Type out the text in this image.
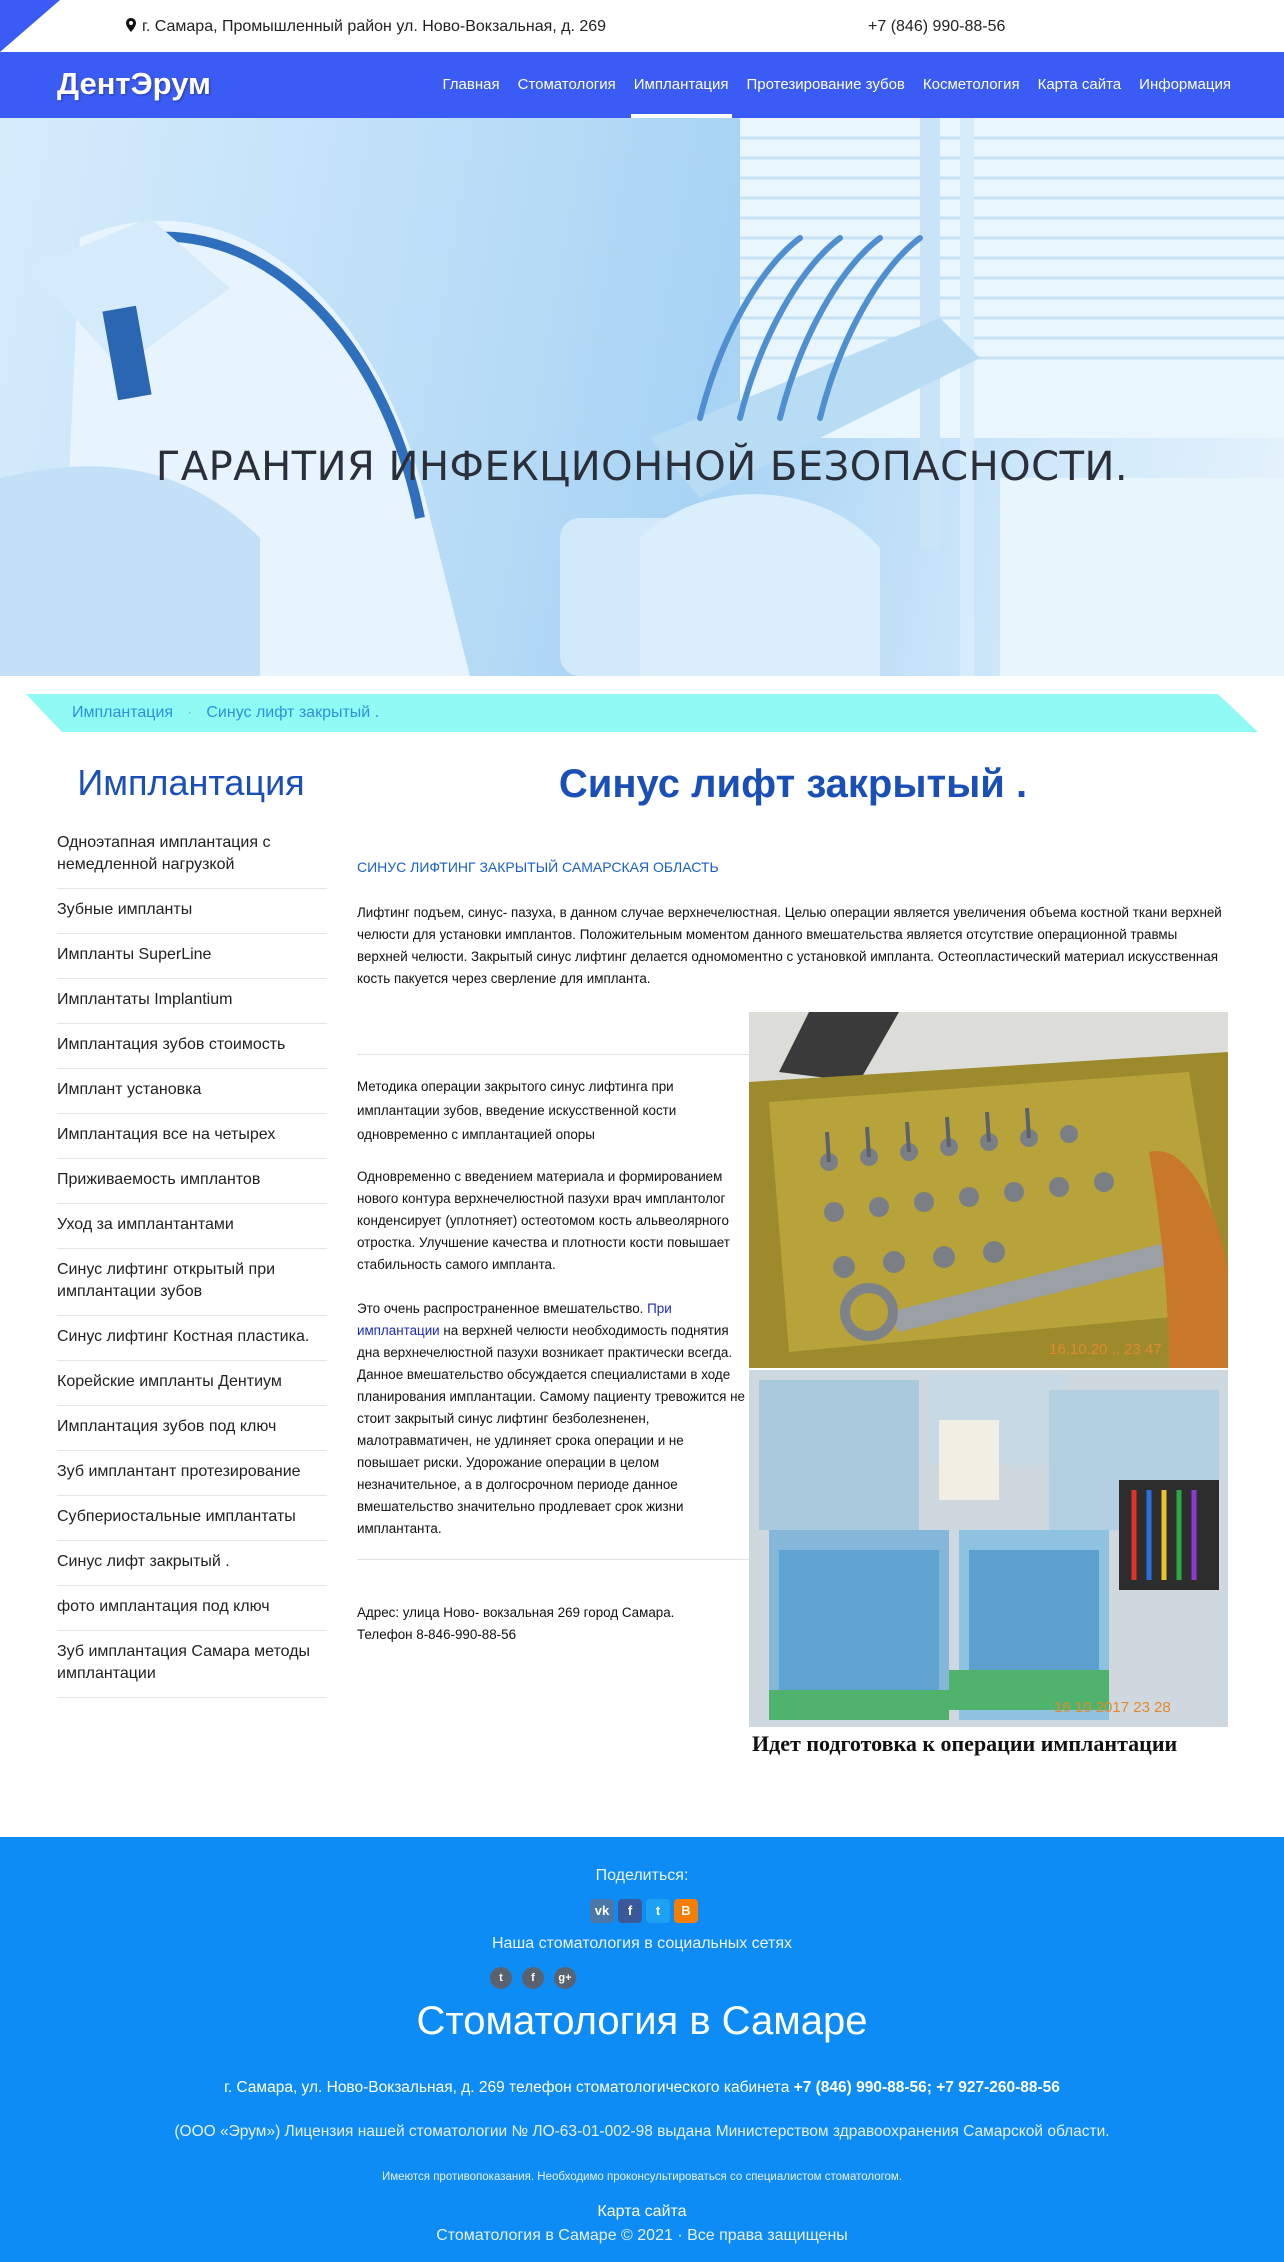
г. Самара, Промышленный район ул. Ново-Вокзальная, д. 269	+7 (846) 990-88-56
ДентЭрум	Главная	Стоматология	Имплантация	Протезирование зубов	Косметология	Карта сайта	Информация
ГАРАНТИЯ ИНФЕКЦИОННОЙ БЕЗОПАСНОСТИ.
Имплантация · Синус лифт закрытый .
Имплантация
Одноэтапная имплантация с немедленной нагрузкой
Зубные импланты
Импланты SuperLine
Имплантаты Implantium
Имплантация зубов стоимость
Имплант установка
Имплантация все на четырех
Приживаемость имплантов
Уход за имплантантами
Синус лифтинг открытый при имплантации зубов
Синус лифтинг Костная пластика.
Корейские импланты Дентиум
Имплантация зубов под ключ
Зуб имплантант протезирование
Субпериостальные имплантаты
Синус лифт закрытый .
фото имплантация под ключ
Зуб имплантация Самара методы имплантации
Синус лифт закрытый .
СИНУС ЛИФТИНГ ЗАКРЫТЫЙ САМАРСКАЯ ОБЛАСТЬ

Лифтинг подъем, синус- пазуха, в данном случае верхнечелюстная. Целью операции является увеличения объема костной ткани верхней челюсти для установки имплантов. Положительным моментом данного вмешательства является отсутствие операционной травмы верхней челюсти. Закрытый синус лифтинг делается одномоментно с установкой импланта. Остеопластический материал искусственная кость пакуется через сверление для импланта.

Методика операции закрытого синус лифтинга при имплантации зубов, введение искусственной кости одновременно с имплантацией опоры

Одновременно с введением материала и формированием нового контура верхнечелюстной пазухи врач имплантолог конденсирует (уплотняет) остеотомом кость альвеолярного отростка. Улучшение качества и плотности кости повышает стабильность самого импланта.

Это очень распространенное вмешательство. При имплантации на верхней челюсти необходимость поднятия дна верхнечелюстной пазухи возникает практически всегда. Данное вмешательство обсуждается специалистами в ходе планирования имплантации. Самому пациенту тревожится не стоит закрытый синус лифтинг безболезненен, малотравматичен, не удлиняет срока операции и не повышает риски. Удорожание операции в целом незначительное, а в долгосрочном периоде данное вмешательство значительно продлевает срок жизни имплантанта.

Адрес: улица Ново- вокзальная 269 город Самара.
Телефон 8-846-990-88-56
16.10.20 .. 23 47
16 10 2017 23 28
Идет подготовка к операции имплантации
Поделиться:
vk	f	t	B
Наша стоматология в социальных сетях
t	f	g+
Стоматология в Самаре
г. Самара, ул. Ново-Вокзальная, д. 269 телефон стоматологического кабинета +7 (846) 990-88-56; +7 927-260-88-56
(ООО «Эрум») Лицензия нашей стоматологии № ЛО-63-01-002-98 выдана Министерством здравоохранения Самарской области.
Имеются противопоказания. Необходимо проконсультироваться со специалистом стоматологом.
Карта сайта
Стоматология в Самаре © 2021 · Все права защищены
